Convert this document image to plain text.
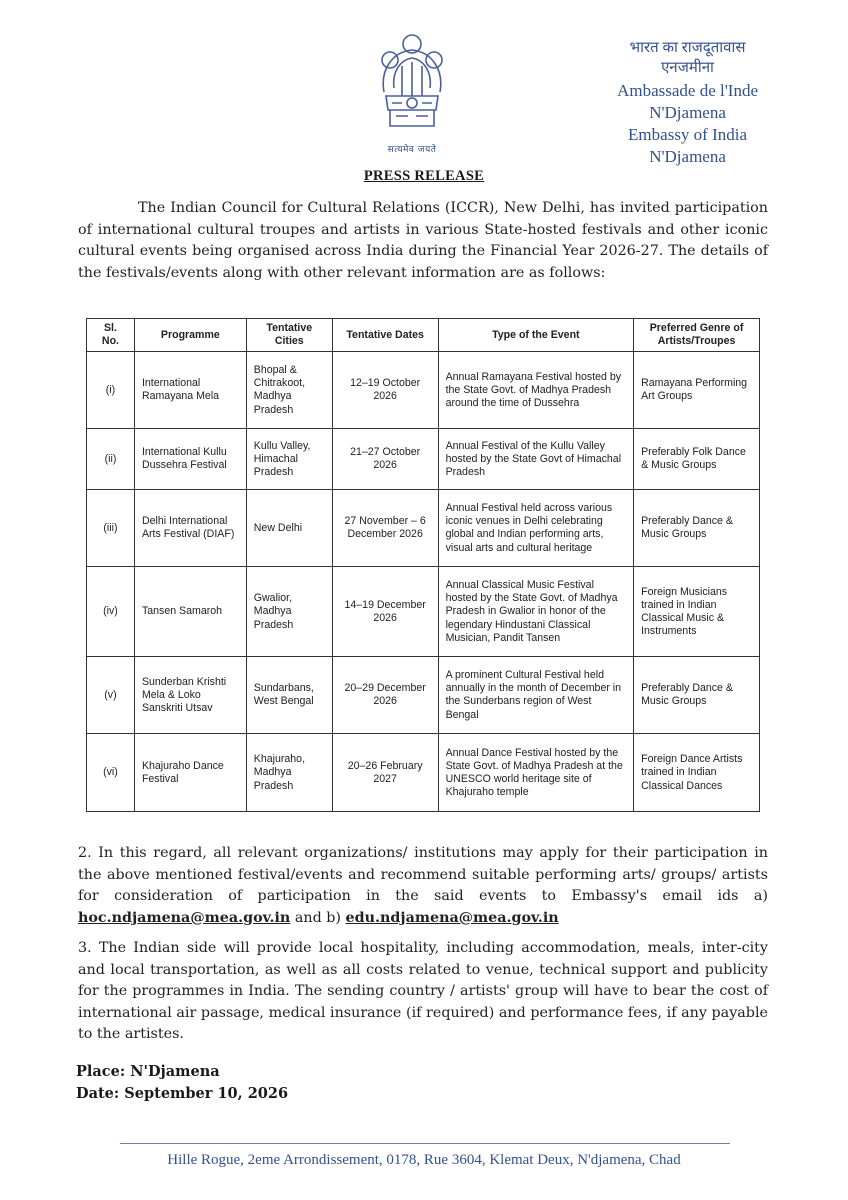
सत्यमेव जयते
भारत का राजदूतावास
एनजमीना
Ambassade de l'Inde
N'Djamena
Embassy of India
N'Djamena
PRESS RELEASE
The Indian Council for Cultural Relations (ICCR), New Delhi, has invited participation of international cultural troupes and artists in various State-hosted festivals and other iconic cultural events being organised across India during the Financial Year 2026-27. The details of the festivals/events along with other relevant information are as follows:
Sl. No.	Programme	Tentative Cities	Tentative Dates	Type of the Event	Preferred Genre of Artists/Troupes
(i)	International Ramayana Mela	Bhopal & Chitrakoot, Madhya Pradesh	12–19 October 2026	Annual Ramayana Festival hosted by the State Govt. of Madhya Pradesh around the time of Dussehra	Ramayana Performing Art Groups
(ii)	International Kullu Dussehra Festival	Kullu Valley, Himachal Pradesh	21–27 October 2026	Annual Festival of the Kullu Valley hosted by the State Govt of Himachal Pradesh	Preferably Folk Dance & Music Groups
(iii)	Delhi International Arts Festival (DIAF)	New Delhi	27 November – 6 December 2026	Annual Festival held across various iconic venues in Delhi celebrating global and Indian performing arts, visual arts and cultural heritage	Preferably Dance & Music Groups
(iv)	Tansen Samaroh	Gwalior, Madhya Pradesh	14–19 December 2026	Annual Classical Music Festival hosted by the State Govt. of Madhya Pradesh in Gwalior in honor of the legendary Hindustani Classical Musician, Pandit Tansen	Foreign Musicians trained in Indian Classical Music & Instruments
(v)	Sunderban Krishti Mela & Loko Sanskriti Utsav	Sundarbans, West Bengal	20–29 December 2026	A prominent Cultural Festival held annually in the month of December in the Sunderbans region of West Bengal	Preferably Dance & Music Groups
(vi)	Khajuraho Dance Festival	Khajuraho, Madhya Pradesh	20–26 February 2027	Annual Dance Festival hosted by the State Govt. of Madhya Pradesh at the UNESCO world heritage site of Khajuraho temple	Foreign Dance Artists trained in Indian Classical Dances
2. In this regard, all relevant organizations/ institutions may apply for their participation in the above mentioned festival/events and recommend suitable performing arts/ groups/ artists for consideration of participation in the said events to Embassy's email ids a) hoc.ndjamena@mea.gov.in and b) edu.ndjamena@mea.gov.in
3. The Indian side will provide local hospitality, including accommodation, meals, inter-city and local transportation, as well as all costs related to venue, technical support and publicity for the programmes in India. The sending country / artists' group will have to bear the cost of international air passage, medical insurance (if required) and performance fees, if any payable to the artistes.
Place: N'Djamena
Date: September 10, 2026
Hille Rogue, 2eme Arrondissement, 0178, Rue 3604, Klemat Deux, N'djamena, Chad
